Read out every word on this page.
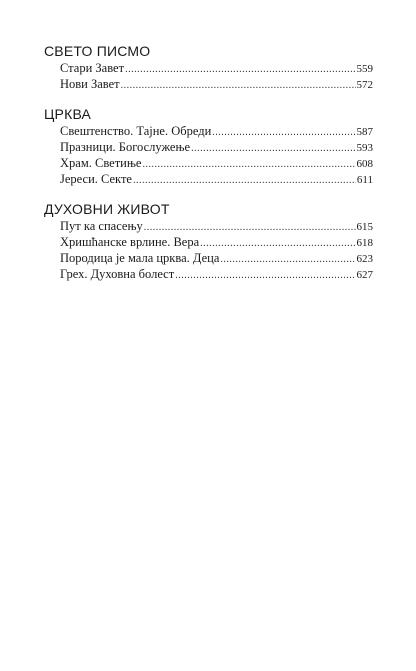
СВЕТО ПИСМО
Стари Завет .....	559
Нови Завет .....	572
ЦРКВА
Свештенство. Тајне. Обреди .....	587
Празници. Богослужење .....	593
Храм. Светиње .....	608
Јереси. Секте .....	611
ДУХОВНИ ЖИВОТ
Пут ка спасењу .....	615
Хришћанске врлине. Вера .....	618
Породица је мала црква. Деца .....	623
Грех. Духовна болест .....	627
